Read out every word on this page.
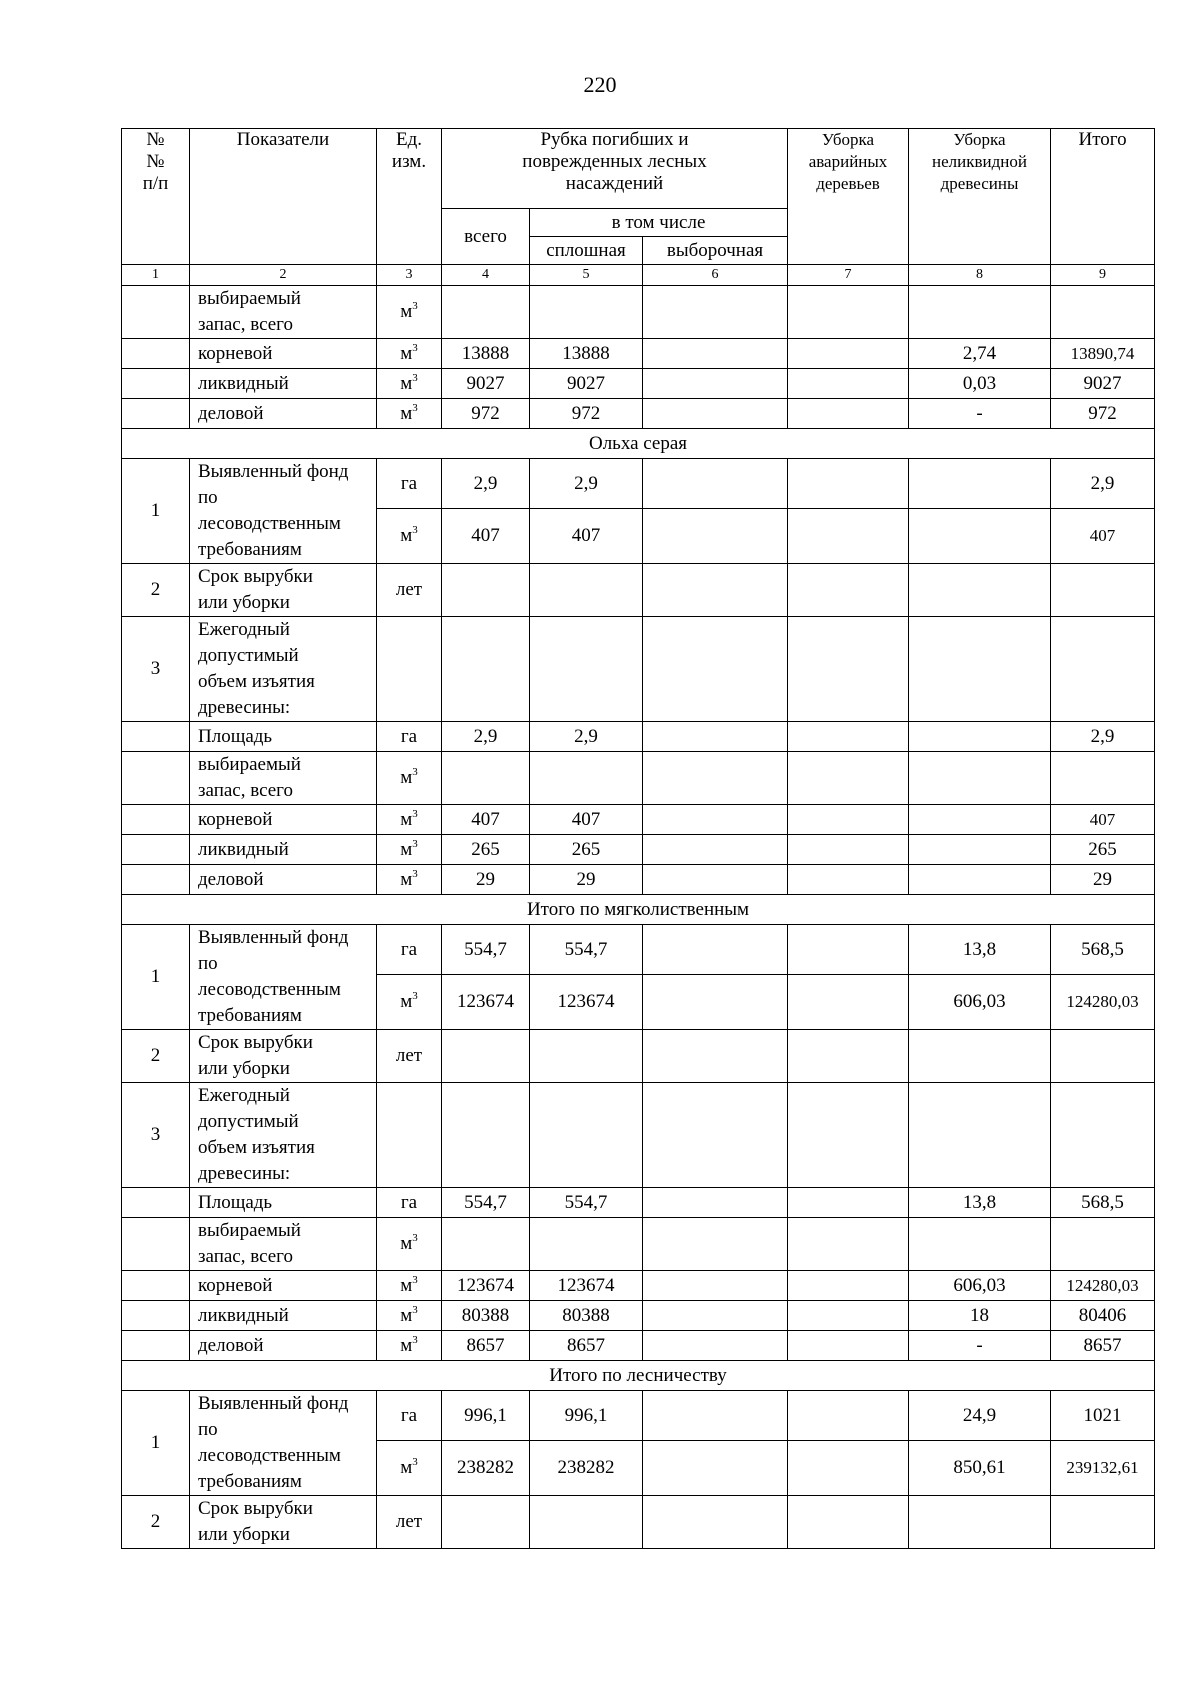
220
№
№
п/п	Показатели	Ед.
изм.	Рубка погибших и
поврежденных лесных
насаждений			Уборка
аварийных
деревьев	Уборка
неликвидной
древесины	Итого
			всего	в том числе				
				сплошная	выборочная			
1	2	3	4	5	6	7	8	9
	выбираемый
запас, всего	$м^3$						
	корневой	$м^3$	13888	13888			2,74	13890,74
	ликвидный	$м^3$	9027	9027			0,03	9027
	деловой	$м^3$	972	972			-	972
Ольха серая								
1	Выявленный фонд
по
лесоводственным
требованиям	га	2,9	2,9				2,9
		$м^3$	407	407				407
2	Срок вырубки
или уборки	лет						
3	Ежегодный
допустимый
объем изъятия
древесины:							
	Площадь	га	2,9	2,9				2,9
	выбираемый
запас, всего	$м^3$						
	корневой	$м^3$	407	407				407
	ликвидный	$м^3$	265	265				265
	деловой	$м^3$	29	29				29
Итого по мягколиственным								
1	Выявленный фонд
по
лесоводственным
требованиям	га	554,7	554,7			13,8	568,5
		$м^3$	123674	123674			606,03	124280,03
2	Срок вырубки
или уборки	лет						
3	Ежегодный
допустимый
объем изъятия
древесины:							
	Площадь	га	554,7	554,7			13,8	568,5
	выбираемый
запас, всего	$м^3$						
	корневой	$м^3$	123674	123674			606,03	124280,03
	ликвидный	$м^3$	80388	80388			18	80406
	деловой	$м^3$	8657	8657			-	8657
Итого по лесничеству								
1	Выявленный фонд
по
лесоводственным
требованиям	га	996,1	996,1			24,9	1021
		$м^3$	238282	238282			850,61	239132,61
2	Срок вырубки
или уборки	лет						
